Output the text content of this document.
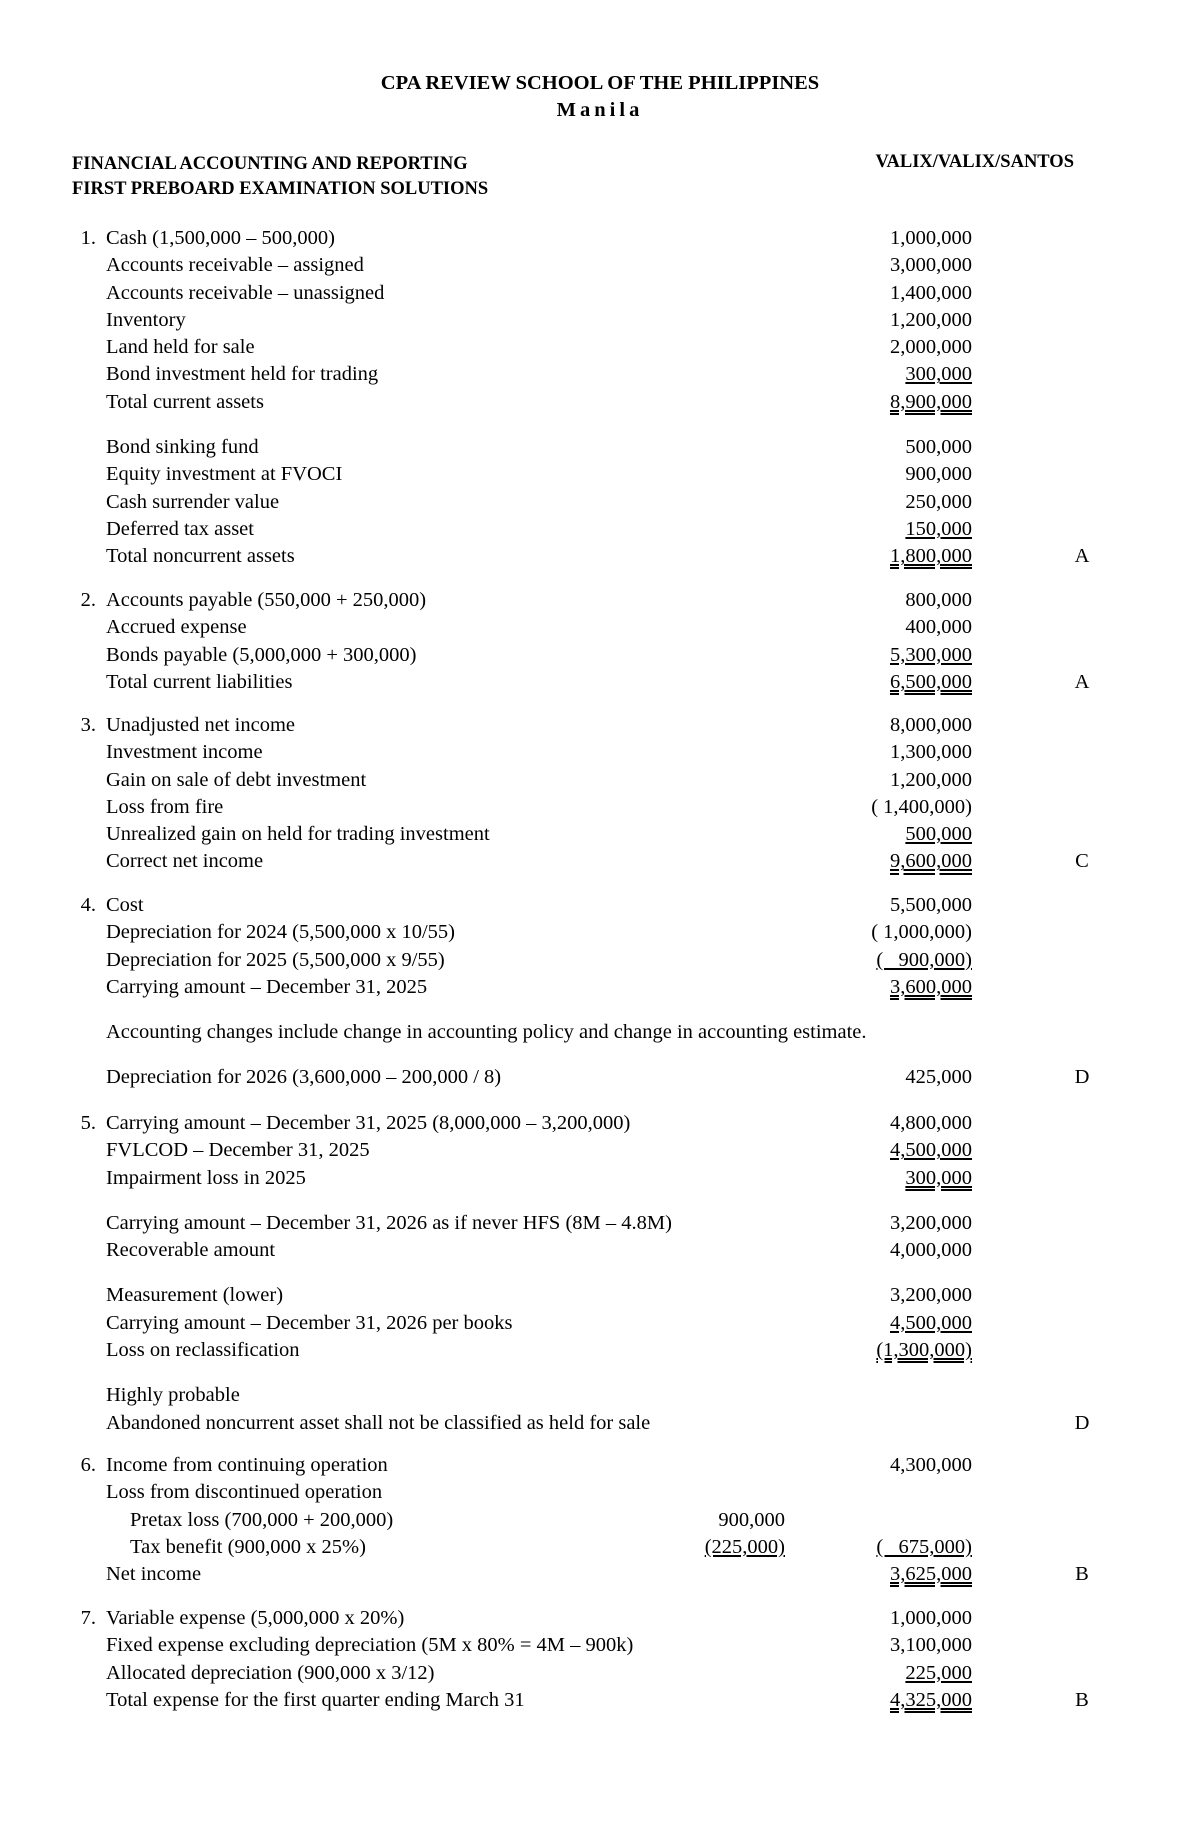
CPA REVIEW SCHOOL OF THE PHILIPPINES
Manila
FINANCIAL ACCOUNTING AND REPORTING
FIRST PREBOARD EXAMINATION SOLUTIONS
VALIX/VALIX/SANTOS
1. Cash (1,500,000 – 500,000)	1,000,000
Accounts receivable – assigned	3,000,000
Accounts receivable – unassigned	1,400,000
Inventory	1,200,000
Land held for sale	2,000,000
Bond investment held for trading	300,000
Total current assets	8,900,000
Bond sinking fund	500,000
Equity investment at FVOCI	900,000
Cash surrender value	250,000
Deferred tax asset	150,000
Total noncurrent assets	1,800,000	A
2. Accounts payable (550,000 + 250,000)	800,000
Accrued expense	400,000
Bonds payable (5,000,000 + 300,000)	5,300,000
Total current liabilities	6,500,000	A
3. Unadjusted net income	8,000,000
Investment income	1,300,000
Gain on sale of debt investment	1,200,000
Loss from fire	( 1,400,000)
Unrealized gain on held for trading investment	500,000
Correct net income	9,600,000	C
4. Cost	5,500,000
Depreciation for 2024 (5,500,000 x 10/55)	( 1,000,000)
Depreciation for 2025 (5,500,000 x 9/55)	(   900,000)
Carrying amount – December 31, 2025	3,600,000
Accounting changes include change in accounting policy and change in accounting estimate.
Depreciation for 2026 (3,600,000 – 200,000 / 8)	425,000	D
5. Carrying amount – December 31, 2025 (8,000,000 – 3,200,000)	4,800,000
FVLCOD – December 31, 2025	4,500,000
Impairment loss in 2025	300,000
Carrying amount – December 31, 2026 as if never HFS (8M – 4.8M)	3,200,000
Recoverable amount	4,000,000
Measurement (lower)	3,200,000
Carrying amount – December 31, 2026 per books	4,500,000
Loss on reclassification	(1,300,000)
Highly probable
Abandoned noncurrent asset shall not be classified as held for sale	D
6. Income from continuing operation	4,300,000
Loss from discontinued operation
Pretax loss (700,000 + 200,000)	900,000
Tax benefit (900,000 x 25%)	(225,000)	(   675,000)
Net income	3,625,000	B
7. Variable expense (5,000,000 x 20%)	1,000,000
Fixed expense excluding depreciation (5M x 80% = 4M – 900k)	3,100,000
Allocated depreciation (900,000 x 3/12)	225,000
Total expense for the first quarter ending March 31	4,325,000	B
